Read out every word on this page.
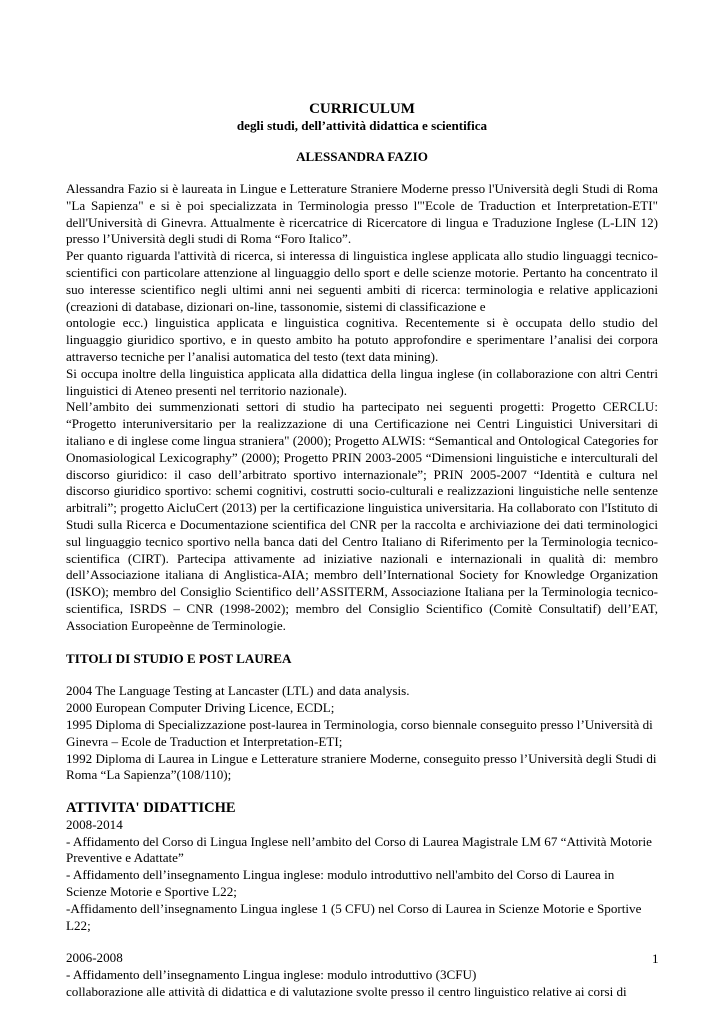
CURRICULUM

degli studi, dell’attività didattica e scientifica

ALESSANDRA FAZIO

Alessandra Fazio si è laureata in Lingue e Letterature Straniere Moderne presso l'Università degli Studi di Roma "La Sapienza" e si è poi specializzata in Terminologia presso l'"Ecole de Traduction et Interpretation-ETI" dell'Università di Ginevra. Attualmente è ricercatrice di Ricercatore di lingua e Traduzione Inglese (L-LIN 12) presso l’Università degli studi di Roma “Foro Italico”.

Per quanto riguarda l'attività di ricerca, si interessa di linguistica inglese applicata allo studio linguaggi tecnico-scientifici con particolare attenzione al linguaggio dello sport e delle scienze motorie. Pertanto ha concentrato il suo interesse scientifico negli ultimi anni nei seguenti ambiti di ricerca: terminologia e relative applicazioni (creazioni di database, dizionari on-line, tassonomie, sistemi di classificazione e

ontologie ecc.) linguistica applicata e linguistica cognitiva. Recentemente si è occupata dello studio del linguaggio giuridico sportivo, e in questo ambito ha potuto approfondire e sperimentare l’analisi dei corpora attraverso tecniche per l’analisi automatica del testo (text data mining).

Si occupa inoltre della linguistica applicata alla didattica della lingua inglese (in collaborazione con altri Centri linguistici di Ateneo presenti nel territorio nazionale).

Nell’ambito dei summenzionati settori di studio ha partecipato nei seguenti progetti: Progetto CERCLU: “Progetto interuniversitario per la realizzazione di una Certificazione nei Centri Linguistici Universitari di italiano e di inglese come lingua straniera" (2000); Progetto ALWIS: “Semantical and Ontological Categories for Onomasiological Lexicography” (2000); Progetto PRIN 2003-2005 “Dimensioni linguistiche e interculturali del discorso giuridico: il caso dell’arbitrato sportivo internazionale”; PRIN 2005-2007 “Identità e cultura nel discorso giuridico sportivo: schemi cognitivi, costrutti socio-culturali e realizzazioni linguistiche nelle sentenze arbitrali”; progetto AicluCert (2013) per la certificazione linguistica universitaria. Ha collaborato con l'Istituto di Studi sulla Ricerca e Documentazione scientifica del CNR per la raccolta e archiviazione dei dati terminologici sul linguaggio tecnico sportivo nella banca dati del Centro Italiano di Riferimento per la Terminologia tecnico-scientifica (CIRT). Partecipa attivamente ad iniziative nazionali e internazionali in qualità di: membro dell’Associazione italiana di Anglistica-AIA; membro dell’International Society for Knowledge Organization (ISKO); membro del Consiglio Scientifico dell’ASSITERM, Associazione Italiana per la Terminologia tecnico-scientifica, ISRDS – CNR (1998-2002); membro del Consiglio Scientifico (Comitè Consultatif) dell’EAT, Association Europeènne de Terminologie.

TITOLI DI STUDIO E POST LAUREA

2004 The Language Testing at Lancaster (LTL) and data analysis.

2000 European Computer Driving Licence, ECDL;

1995 Diploma di Specializzazione post-laurea in Terminologia, corso biennale conseguito presso l’Università di Ginevra – Ecole de Traduction et Interpretation-ETI;

1992 Diploma di Laurea in Lingue e Letterature straniere Moderne, conseguito presso l’Università degli Studi di Roma “La Sapienza”(108/110);

ATTIVITA' DIDATTICHE

2008-2014

- Affidamento del Corso di Lingua Inglese nell’ambito del Corso di Laurea Magistrale LM 67 “Attività Motorie Preventive e Adattate”

- Affidamento dell’insegnamento Lingua inglese: modulo introduttivo nell'ambito del Corso di Laurea in Scienze Motorie e Sportive L22;

-Affidamento dell’insegnamento Lingua inglese 1 (5 CFU) nel Corso di Laurea in Scienze Motorie e Sportive L22;

2006-2008

- Affidamento dell’insegnamento Lingua inglese: modulo introduttivo (3CFU)

collaborazione alle attività di didattica e di valutazione svolte presso il centro linguistico relative ai corsi di

1
